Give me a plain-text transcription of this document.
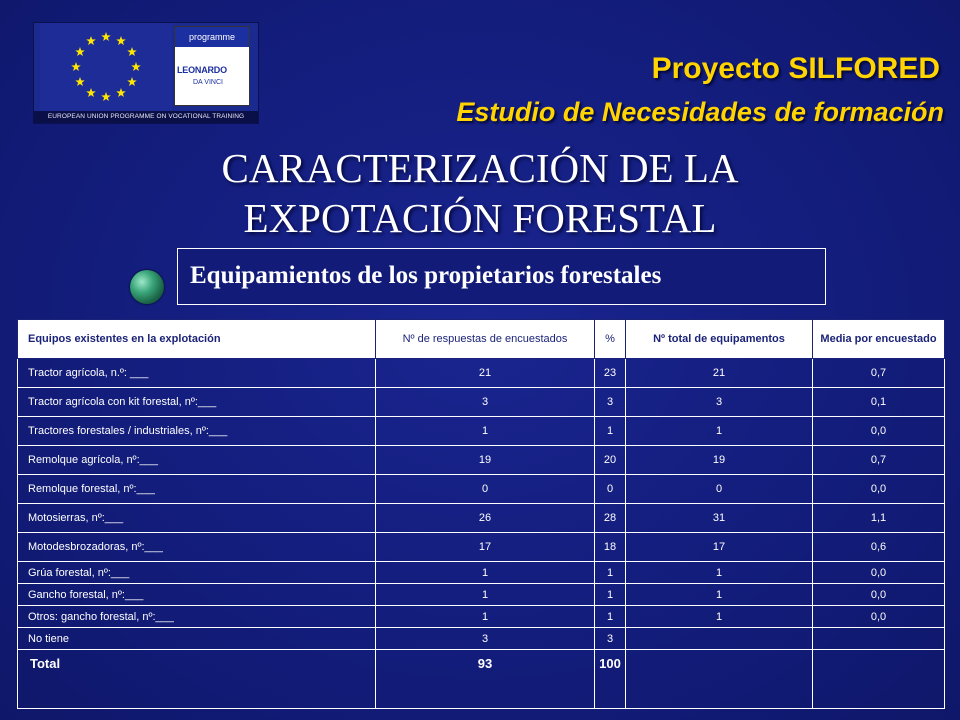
EUROPEAN UNION PROGRAMME ON VOCATIONAL TRAINING
programme
LEONARDO
DA VINCI	Proyecto SILFORED
Estudio de Necesidades de formación
CARACTERIZACIÓN DE LA
EXPOTACIÓN FORESTAL
Equipamientos de los propietarios forestales
Equipos existentes en la explotación	Nº de respuestas de encuestados	%	Nº total de equipamentos	Media por encuestado
Tractor agrícola, n.º: ___	21	23	21	0,7
Tractor agrícola con kit forestal, nº:___	3	3	3	0,1
Tractores forestales / industriales, nº:___	1	1	1	0,0
Remolque agrícola, nº:___	19	20	19	0,7
Remolque forestal, nº:___	0	0	0	0,0
Motosierras, nº:___	26	28	31	1,1
Motodesbrozadoras, nº:___	17	18	17	0,6
Grúa forestal, nº:___	1	1	1	0,0
Gancho forestal, nº:___	1	1	1	0,0
Otros: gancho forestal, nº:___	1	1	1	0,0
No tiene	3	3		
Total	93	100		
